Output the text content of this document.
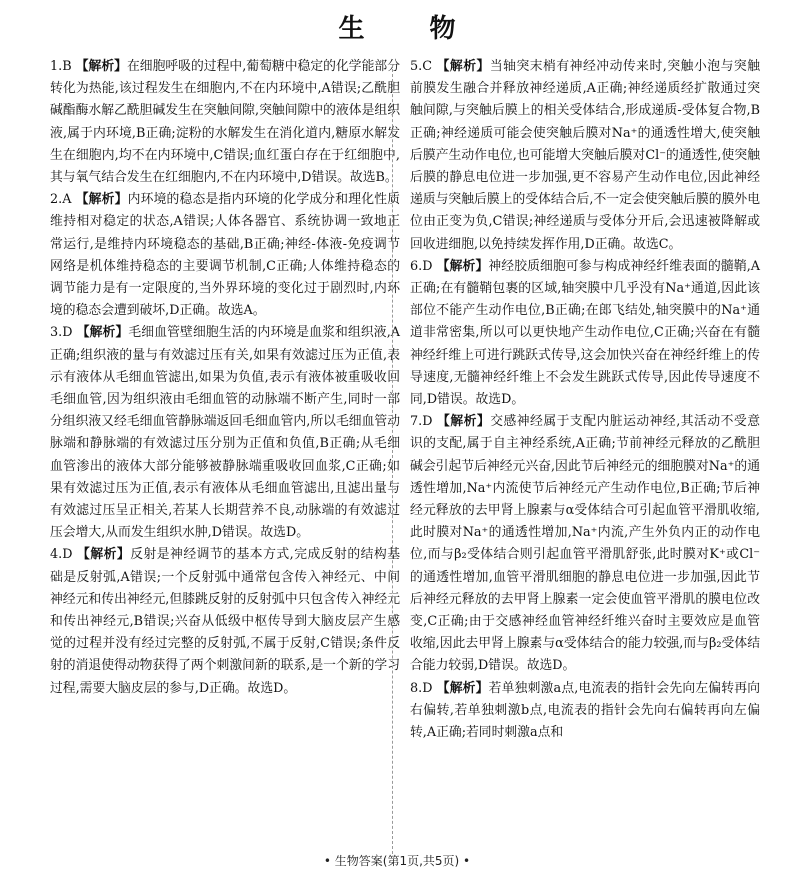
生 物

1.B 【解析】在细胞呼吸的过程中,葡萄糖中稳定的化学能部分转化为热能,该过程发生在细胞内,不在内环境中,A错误;乙酰胆碱酯酶水解乙酰胆碱发生在突触间隙,突触间隙中的液体是组织液,属于内环境,B正确;淀粉的水解发生在消化道内,糖原水解发生在细胞内,均不在内环境中,C错误;血红蛋白存在于红细胞中,其与氧气结合发生在红细胞内,不在内环境中,D错误。故选B。

2.A 【解析】内环境的稳态是指内环境的化学成分和理化性质维持相对稳定的状态,A错误;人体各器官、系统协调一致地正常运行,是维持内环境稳态的基础,B正确;神经-体液-免疫调节网络是机体维持稳态的主要调节机制,C正确;人体维持稳态的调节能力是有一定限度的,当外界环境的变化过于剧烈时,内环境的稳态会遭到破坏,D正确。故选A。

3.D 【解析】毛细血管壁细胞生活的内环境是血浆和组织液,A正确;组织液的量与有效滤过压有关,如果有效滤过压为正值,表示有液体从毛细血管滤出,如果为负值,表示有液体被重吸收回毛细血管,因为组织液由毛细血管的动脉端不断产生,同时一部分组织液又经毛细血管静脉端返回毛细血管内,所以毛细血管动脉端和静脉端的有效滤过压分别为正值和负值,B正确;从毛细血管渗出的液体大部分能够被静脉端重吸收回血浆,C正确;如果有效滤过压为正值,表示有液体从毛细血管滤出,且滤出量与有效滤过压呈正相关,若某人长期营养不良,动脉端的有效滤过压会增大,从而发生组织水肿,D错误。故选D。

4.D 【解析】反射是神经调节的基本方式,完成反射的结构基础是反射弧,A错误;一个反射弧中通常包含传入神经元、中间神经元和传出神经元,但膝跳反射的反射弧中只包含传入神经元和传出神经元,B错误;兴奋从低级中枢传导到大脑皮层产生感觉的过程并没有经过完整的反射弧,不属于反射,C错误;条件反射的消退使得动物获得了两个刺激间新的联系,是一个新的学习过程,需要大脑皮层的参与,D正确。故选D。

5.C 【解析】当轴突末梢有神经冲动传来时,突触小泡与突触前膜发生融合并释放神经递质,A正确;神经递质经扩散通过突触间隙,与突触后膜上的相关受体结合,形成递质-受体复合物,B正确;神经递质可能会使突触后膜对Na⁺的通透性增大,使突触后膜产生动作电位,也可能增大突触后膜对Cl⁻的通透性,使突触后膜的静息电位进一步加强,更不容易产生动作电位,因此神经递质与突触后膜上的受体结合后,不一定会使突触后膜的膜外电位由正变为负,C错误;神经递质与受体分开后,会迅速被降解或回收进细胞,以免持续发挥作用,D正确。故选C。

6.D 【解析】神经胶质细胞可参与构成神经纤维表面的髓鞘,A正确;在有髓鞘包裹的区域,轴突膜中几乎没有Na⁺通道,因此该部位不能产生动作电位,B正确;在郎飞结处,轴突膜中的Na⁺通道非常密集,所以可以更快地产生动作电位,C正确;兴奋在有髓神经纤维上可进行跳跃式传导,这会加快兴奋在神经纤维上的传导速度,无髓神经纤维上不会发生跳跃式传导,因此传导速度不同,D错误。故选D。

7.D 【解析】交感神经属于支配内脏运动神经,其活动不受意识的支配,属于自主神经系统,A正确;节前神经元释放的乙酰胆碱会引起节后神经元兴奋,因此节后神经元的细胞膜对Na⁺的通透性增加,Na⁺内流使节后神经元产生动作电位,B正确;节后神经元释放的去甲肾上腺素与α受体结合可引起血管平滑肌收缩,此时膜对Na⁺的通透性增加,Na⁺内流,产生外负内正的动作电位,而与β₂受体结合则引起血管平滑肌舒张,此时膜对K⁺或Cl⁻的通透性增加,血管平滑肌细胞的静息电位进一步加强,因此节后神经元释放的去甲肾上腺素一定会使血管平滑肌的膜电位改变,C正确;由于交感神经血管神经纤维兴奋时主要效应是血管收缩,因此去甲肾上腺素与α受体结合的能力较强,而与β₂受体结合能力较弱,D错误。故选D。

8.D 【解析】若单独刺激a点,电流表的指针会先向左偏转再向右偏转,若单独刺激b点,电流表的指针会先向右偏转再向左偏转,A正确;若同时刺激a点和

• 生物答案(第1页,共5页) •
